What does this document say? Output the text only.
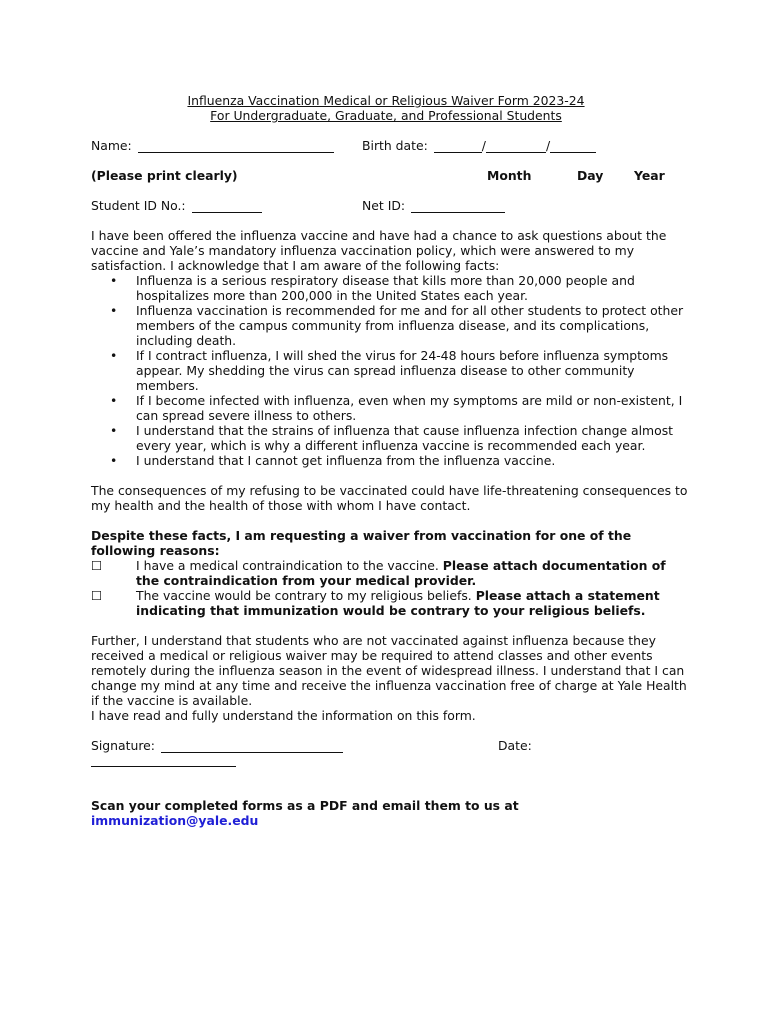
Influenza Vaccination Medical or Religious Waiver Form 2023-24
For Undergraduate, Graduate, and Professional Students
Name:	Birth date:	/	/
(Please print clearly)	Month	Day Year
Student ID No.:	Net ID:

I have been offered the influenza vaccine and have had a chance to ask questions about the vaccine and Yale’s mandatory influenza vaccination policy, which were answered to my satisfaction. I acknowledge that I am aware of the following facts:

• Influenza is a serious respiratory disease that kills more than 20,000 people and hospitalizes more than 200,000 in the United States each year.
• Influenza vaccination is recommended for me and for all other students to protect other members of the campus community from influenza disease, and its complications, including death.
• If I contract influenza, I will shed the virus for 24-48 hours before influenza symptoms appear. My shedding the virus can spread influenza disease to other community members.
• If I become infected with influenza, even when my symptoms are mild or non-existent, I can spread severe illness to others.
• I understand that the strains of influenza that cause influenza infection change almost every year, which is why a different influenza vaccine is recommended each year.
• I understand that I cannot get influenza from the influenza vaccine.

The consequences of my refusing to be vaccinated could have life-threatening consequences to my health and the health of those with whom I have contact.

Despite these facts, I am requesting a waiver from vaccination for one of the following reasons:

☐	I have a medical contraindication to the vaccine. Please attach documentation of the contraindication from your medical provider.
☐	The vaccine would be contrary to my religious beliefs. Please attach a statement indicating that immunization would be contrary to your religious beliefs.

Further, I understand that students who are not vaccinated against influenza because they received a medical or religious waiver may be required to attend classes and other events remotely during the influenza season in the event of widespread illness. I understand that I can change my mind at any time and receive the influenza vaccination free of charge at Yale Health if the vaccine is available.

I have read and fully understand the information on this form.

Signature:	Date:

Scan your completed forms as a PDF and email them to us at

immunization@yale.edu
